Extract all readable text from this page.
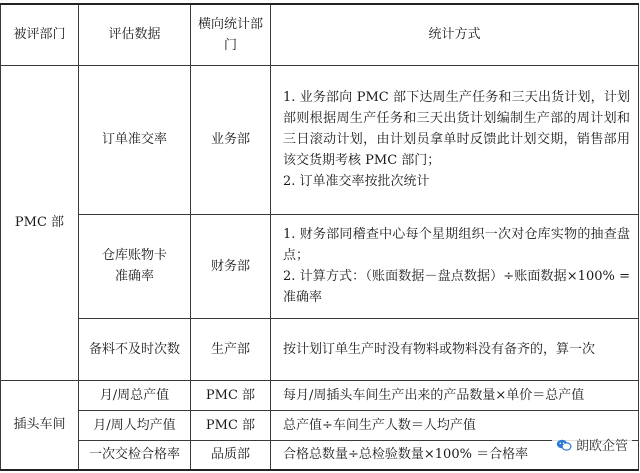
被评部门	评估数据	横向统计部门	统计方式
PMC 部	订单准交率	业务部	1. 业务部向 PMC 部下达周生产任务和三天出货计划，计划部则根据周生产任务和三天出货计划编制生产部的周计划和三日滚动计划，由计划员拿单时反馈此计划交期，销售部用该交货期考核 PMC 部门；
2. 订单准交率按批次统计

	仓库账物卡准确率	财务部	1. 财务部同稽查中心每个星期组织一次对仓库实物的抽查盘点；
2. 计算方式：（账面数据－盘点数据）÷账面数据×100% =准确率

	备料不及时次数	生产部	按计划订单生产时没有物料或物料没有备齐的，算一次

插头车间	月/周总产值	PMC 部	每月/周插头车间生产出来的产品数量×单价＝总产值
	月/周人均产值	PMC 部	总产值÷车间生产人数＝人均产值
	一次交检合格率	品质部	合格总数量÷总检验数量×100% ＝合格率
朗欧企管
